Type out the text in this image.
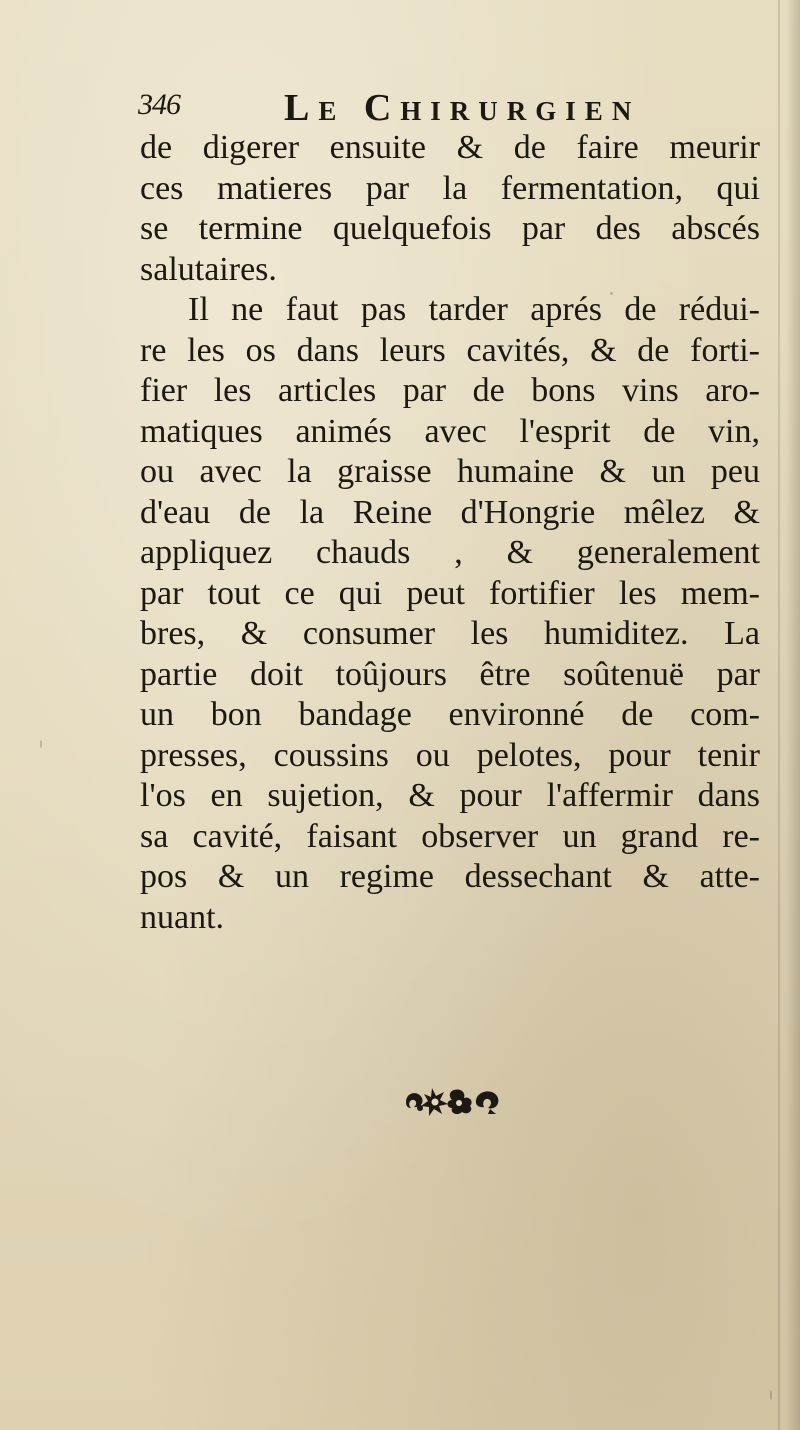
346	Le Chirurgien
de digerer ensuite & de faire meurir
ces matieres par la fermentation, qui
se termine quelquefois par des abscés
salutaires.
Il ne faut pas tarder aprés de rédui-
re les os dans leurs cavités, & de forti-
fier les articles par de bons vins aro-
matiques animés avec l'esprit de vin,
ou avec la graisse humaine & un peu
d'eau de la Reine d'Hongrie mêlez &
appliquez chauds , & generalement
par tout ce qui peut fortifier les mem-
bres, & consumer les humiditez. La
partie doit toûjours être soûtenuë par
un bon bandage environné de com-
presses, coussins ou pelotes, pour tenir
l'os en sujetion, & pour l'affermir dans
sa cavité, faisant observer un grand re-
pos & un regime dessechant & atte-
nuant.
